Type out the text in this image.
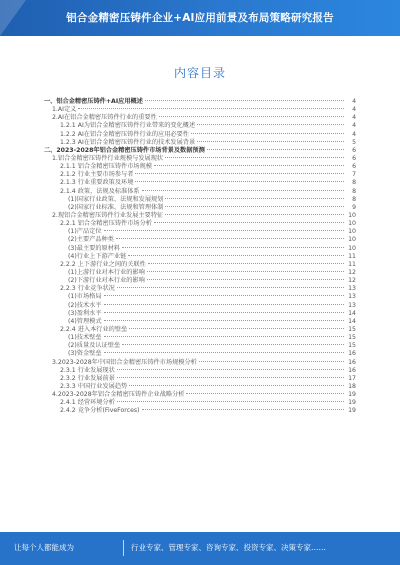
铝合金精密压铸件企业+AI应用前景及布局策略研究报告
内容目录
一、铝合金精密压铸件+AI应用概述	4
1.AI定义	4
2.AI在铝合金精密压铸件行业的重要性	4
1.2.1 AI为铝合金精密压铸件行业带来的变化概述	4
1.2.2 AI在铝合金精密压铸件行业的应用必要性	4
1.2.3 AI在铝合金精密压铸件行业的技术发展背景	5
二、2023-2028年铝合金精密压铸件市场背景及数据预测	6
1.铝合金精密压铸件行业规模与发展现状	6
2.1.1 铝合金精密压铸件市场规模	6
2.1.2 行业主要市场参与者	7
2.1.3 行业重要政策及环境	8
2.1.4 政策、法规及标准体系	8
(1)国家行业政策、法规和发展规划	8
(2)国家行业标准、法规和管理体制	9
2.现铝合金精密压铸件行业发展主要特征	10
2.2.1 铝合金精密压铸件市场分析	10
(1)产品定位	10
(2)主要产品种类	10
(3)最主要的原材料	10
(4)行业上下游产业链	11
2.2.2 上下游行业之间的关联性	11
(1)上游行业对本行业的影响	12
(2)下游行业对本行业的影响	12
2.2.3 行业竞争状况	13
(1)市场格局	13
(2)技术水平	13
(3)盈利水平	14
(4)管理模式	14
2.2.4 进入本行业的壁垒	15
(1)技术壁垒	15
(2)质量及认证壁垒	15
(3)资金壁垒	16
3.2023-2028年中国铝合金精密压铸件市场规模分析	16
2.3.1 行业发展现状	16
2.3.2 行业发展前景	17
2.3.3 中国行业发展趋势	18
4.2023-2028年铝合金精密压铸件企业战略分析	19
2.4.1 经营环境分析	19
2.4.2 竞争分析(FiveForces)	19
让每个人都能成为	行业专家、管理专家、咨询专家、投资专家、决策专家……
